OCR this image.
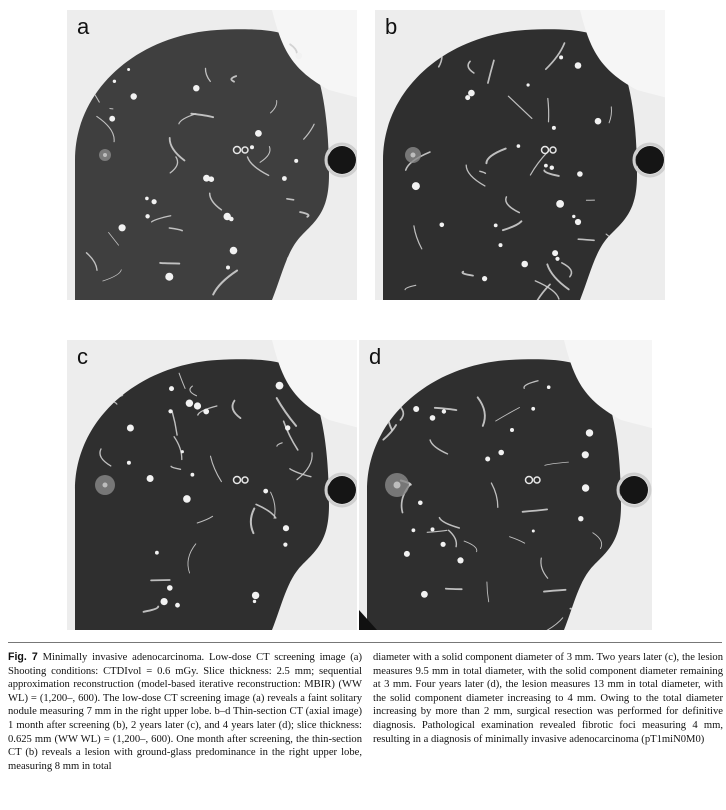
a	b
c	d
Fig. 7 Minimally invasive adenocarcinoma. Low-dose CT screening image (a) Shooting conditions: CTDIvol = 0.6 mGy. Slice thickness: 2.5 mm; sequential approximation reconstruction (model-based iterative reconstruction: MBIR) (WW WL) = (1,200–, 600). The low-dose CT screening image (a) reveals a faint solitary nodule measuring 7 mm in the right upper lobe. b–d Thin-section CT (axial image) 1 month after screening (b), 2 years later (c), and 4 years later (d); slice thickness: 0.625 mm (WW WL) = (1,200–, 600). One month after screening, the thin-section CT (b) reveals a lesion with ground-glass predominance in the right upper lobe, measuring 8 mm in total
diameter with a solid component diameter of 3 mm. Two years later (c), the lesion measures 9.5 mm in total diameter, with the solid component diameter remaining at 3 mm. Four years later (d), the lesion measures 13 mm in total diameter, with the solid component diameter increasing to 4 mm. Owing to the total diameter increasing by more than 2 mm, surgical resection was performed for definitive diagnosis. Pathological examination revealed fibrotic foci measuring 4 mm, resulting in a diagnosis of minimally invasive adenocarcinoma (pT1miN0M0)
